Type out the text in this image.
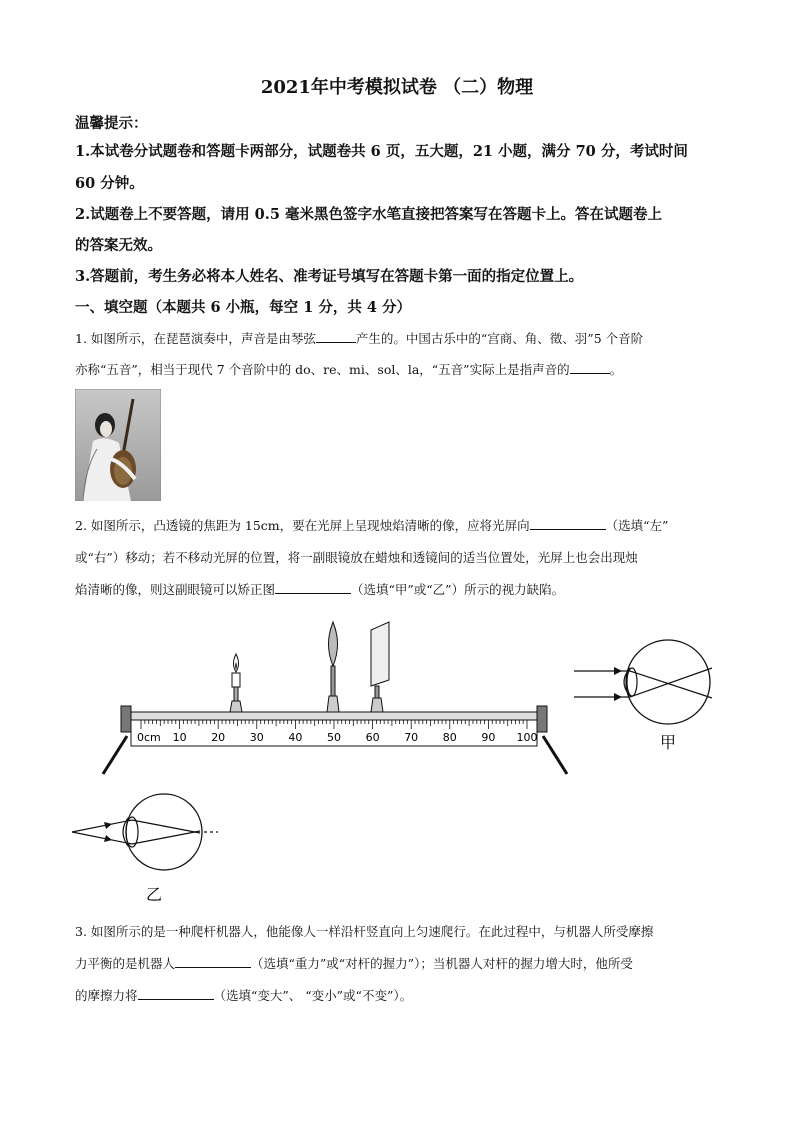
2021年中考模拟试卷 （二）物理
温馨提示：
1.本试卷分试题卷和答题卡两部分，试题卷共 6 页，五大题，21 小题，满分 70 分，考试时间
60 分钟。
2.试题卷上不要答题，请用 0.5 毫米黑色签字水笔直接把答案写在答题卡上。答在试题卷上
的答案无效。
3.答题前，考生务必将本人姓名、准考证号填写在答题卡第一面的指定位置上。
一、填空题（本题共 6 小瓶，每空 1 分，共 4 分）
1. 如图所示，在琵琶演奏中，声音是由琴弦	产生的。中国古乐中的“宫商、角、徵、羽”5 个音阶
亦称“五音”，相当于现代 7 个音阶中的 do、re、mi、sol、la，“五音”实际上是指声音的	。
2. 如图所示，凸透镜的焦距为 15cm，要在光屏上呈现烛焰清晰的像，应将光屏向	（选填“左”
或“右”）移动；若不移动光屏的位置，将一副眼镜放在蜡烛和透镜间的适当位置处，光屏上也会出现烛
焰清晰的像，则这副眼镜可以矫正图	（选填“甲”或“乙”）所示的视力缺陷。
0cm 10 20 30 40 50 60 70 80 90 100	甲
乙
3. 如图所示的是一种爬杆机器人，他能像人一样沿杆竖直向上匀速爬行。在此过程中，与机器人所受摩擦
力平衡的是机器人	（选填“重力”或“对杆的握力”）；当机器人对杆的握力增大时，他所受
的摩擦力将	（选填“变大”、 “变小”或“不变”）。
